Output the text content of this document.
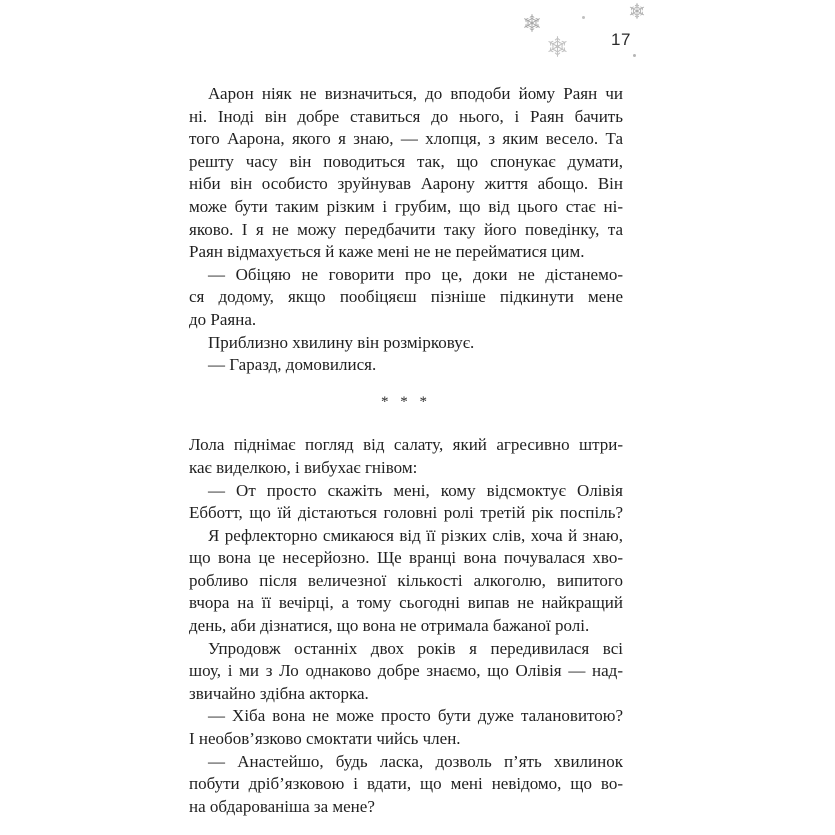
17
Аарон ніяк не визначиться, до вподоби йому Раян чи
ні. Іноді він добре ставиться до нього, і Раян бачить
того Аарона, якого я знаю, — хлопця, з яким весело. Та
решту часу він поводиться так, що спонукає думати,
ніби він особисто зруйнував Аарону життя абощо. Він
може бути таким різким і грубим, що від цього стає ні-
яково. І я не можу передбачити таку його поведінку, та
Раян відмахується й каже мені не не перейматися цим.
— Обіцяю не говорити про це, доки не дістанемо-
ся додому, якщо пообіцяєш пізніше підкинути мене
до Раяна.
Приблизно хвилину він розмірковує.
— Гаразд, домовилися.
* * *
Лола піднімає погляд від салату, який агресивно штри-
кає виделкою, і вибухає гнівом:
— От просто скажіть мені, кому відсмоктує Олівія
Ебботт, що їй дістаються головні ролі третій рік поспіль?
Я рефлекторно смикаюся від її різких слів, хоча й знаю,
що вона це несерйозно. Ще вранці вона почувалася хво-
робливо після величезної кількості алкоголю, випитого
вчора на її вечірці, а тому сьогодні випав не найкращий
день, аби дізнатися, що вона не отримала бажаної ролі.
Упродовж останніх двох років я передивилася всі
шоу, і ми з Ло однаково добре знаємо, що Олівія — над-
звичайно здібна акторка.
— Хіба вона не може просто бути дуже талановитою?
І необов’язково смоктати чийсь член.
— Анастейшо, будь ласка, дозволь п’ять хвилинок
побути дріб’язковою і вдати, що мені невідомо, що во-
на обдарованіша за мене?
